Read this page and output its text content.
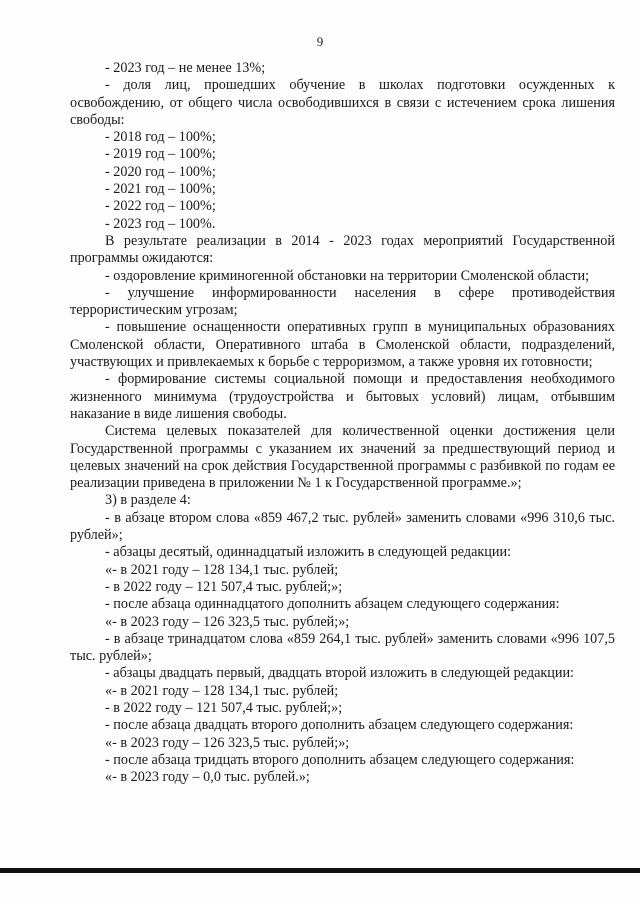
9

- 2023 год – не менее 13%;

- доля лиц, прошедших обучение в школах подготовки осужденных к освобождению, от общего числа освободившихся в связи с истечением срока лишения свободы:

- 2018 год – 100%;

- 2019 год – 100%;

- 2020 год – 100%;

- 2021 год – 100%;

- 2022 год – 100%;

- 2023 год – 100%.

В результате реализации в 2014 - 2023 годах мероприятий Государственной программы ожидаются:

- оздоровление криминогенной обстановки на территории Смоленской области;

- улучшение информированности населения в сфере противодействия террористическим угрозам;

- повышение оснащенности оперативных групп в муниципальных образованиях Смоленской области, Оперативного штаба в Смоленской области, подразделений, участвующих и привлекаемых к борьбе с терроризмом, а также уровня их готовности;

- формирование системы социальной помощи и предоставления необходимого жизненного минимума (трудоустройства и бытовых условий) лицам, отбывшим наказание в виде лишения свободы.

Система целевых показателей для количественной оценки достижения цели Государственной программы с указанием их значений за предшествующий период и целевых значений на срок действия Государственной программы с разбивкой по годам ее реализации приведена в приложении № 1 к Государственной программе.»;

3) в разделе 4:

- в абзаце втором слова «859 467,2 тыс. рублей» заменить словами «996 310,6 тыс. рублей»;

- абзацы десятый, одиннадцатый изложить в следующей редакции:

«- в 2021 году – 128 134,1 тыс. рублей;

- в 2022 году – 121 507,4 тыс. рублей;»;

- после абзаца одиннадцатого дополнить абзацем следующего содержания:

«- в 2023 году – 126 323,5 тыс. рублей;»;

- в абзаце тринадцатом слова «859 264,1 тыс. рублей» заменить словами «996 107,5 тыс. рублей»;

- абзацы двадцать первый, двадцать второй изложить в следующей редакции:

«- в 2021 году – 128 134,1 тыс. рублей;

- в 2022 году – 121 507,4 тыс. рублей;»;

- после абзаца двадцать второго дополнить абзацем следующего содержания:

«- в 2023 году – 126 323,5 тыс. рублей;»;

- после абзаца тридцать второго дополнить абзацем следующего содержания:

«- в 2023 году – 0,0 тыс. рублей.»;
